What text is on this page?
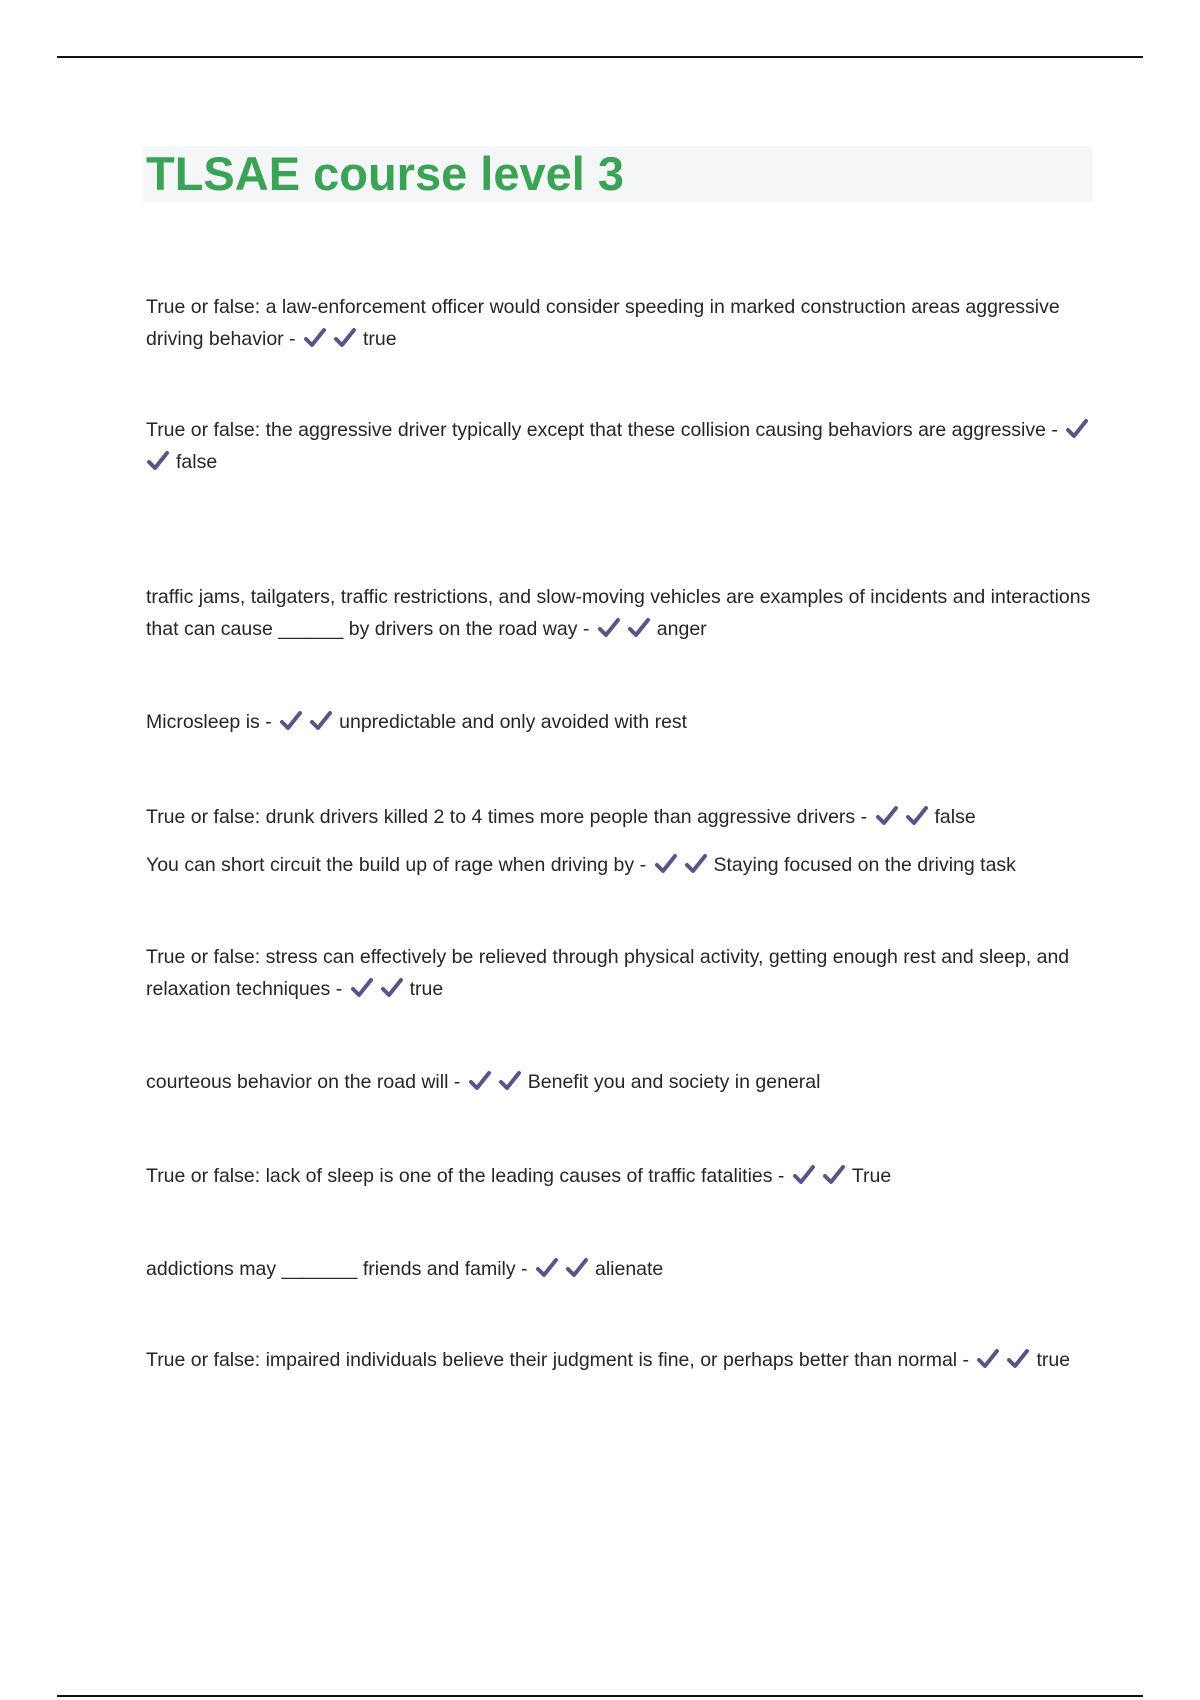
TLSAE course level 3

True or false: a law-enforcement officer would consider speeding in marked construction areas aggressive driving behavior -	true

True or false: the aggressive driver typically except that these collision causing behaviors are aggressive - false

traffic jams, tailgaters, traffic restrictions, and slow-moving vehicles are examples of incidents and interactions that can cause ______ by drivers on the road way -	anger

Microsleep is -	unpredictable and only avoided with rest

True or false: drunk drivers killed 2 to 4 times more people than aggressive drivers -	false

You can short circuit the build up of rage when driving by -	Staying focused on the driving task

True or false: stress can effectively be relieved through physical activity, getting enough rest and sleep, and relaxation techniques -	true

courteous behavior on the road will -	Benefit you and society in general

True or false: lack of sleep is one of the leading causes of traffic fatalities -	True

addictions may _______ friends and family -	alienate

True or false: impaired individuals believe their judgment is fine, or perhaps better than normal -	true
